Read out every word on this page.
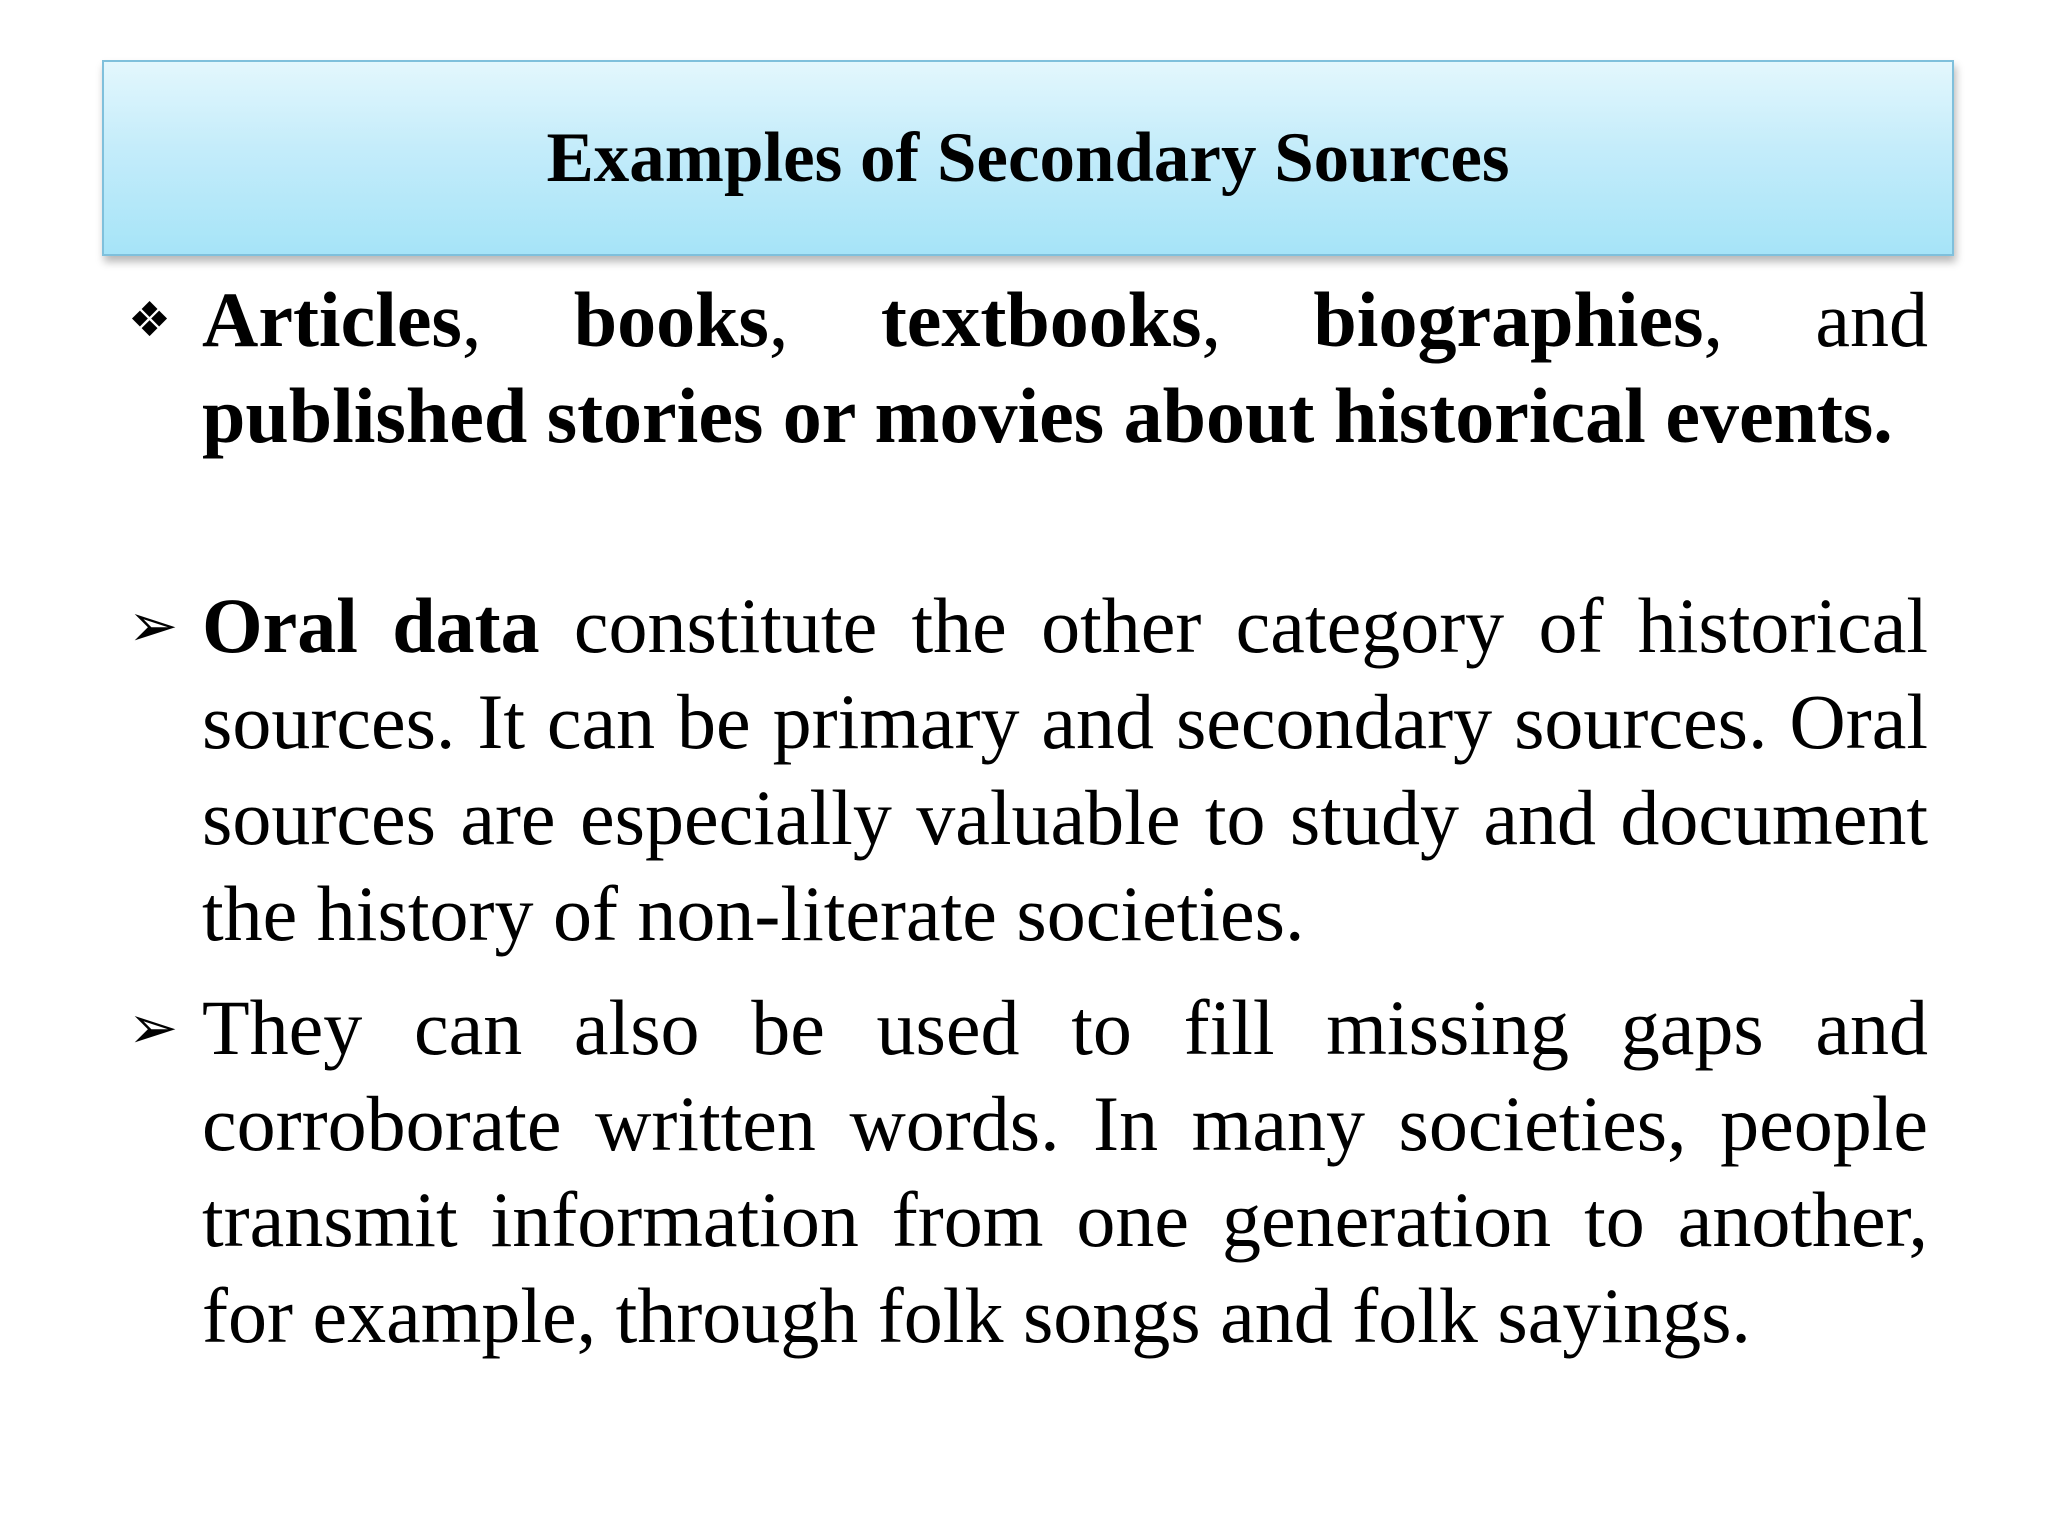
Examples of Secondary Sources
❖ Articles, books, textbooks, biographies, and published stories or movies about historical events.
➢ Oral data constitute the other category of historical sources. It can be primary and secondary sources. Oral sources are especially valuable to study and document the history of non-literate societies.
➢ They can also be used to fill missing gaps and corroborate written words. In many societies, people transmit information from one generation to another, for example, through folk songs and folk sayings.
